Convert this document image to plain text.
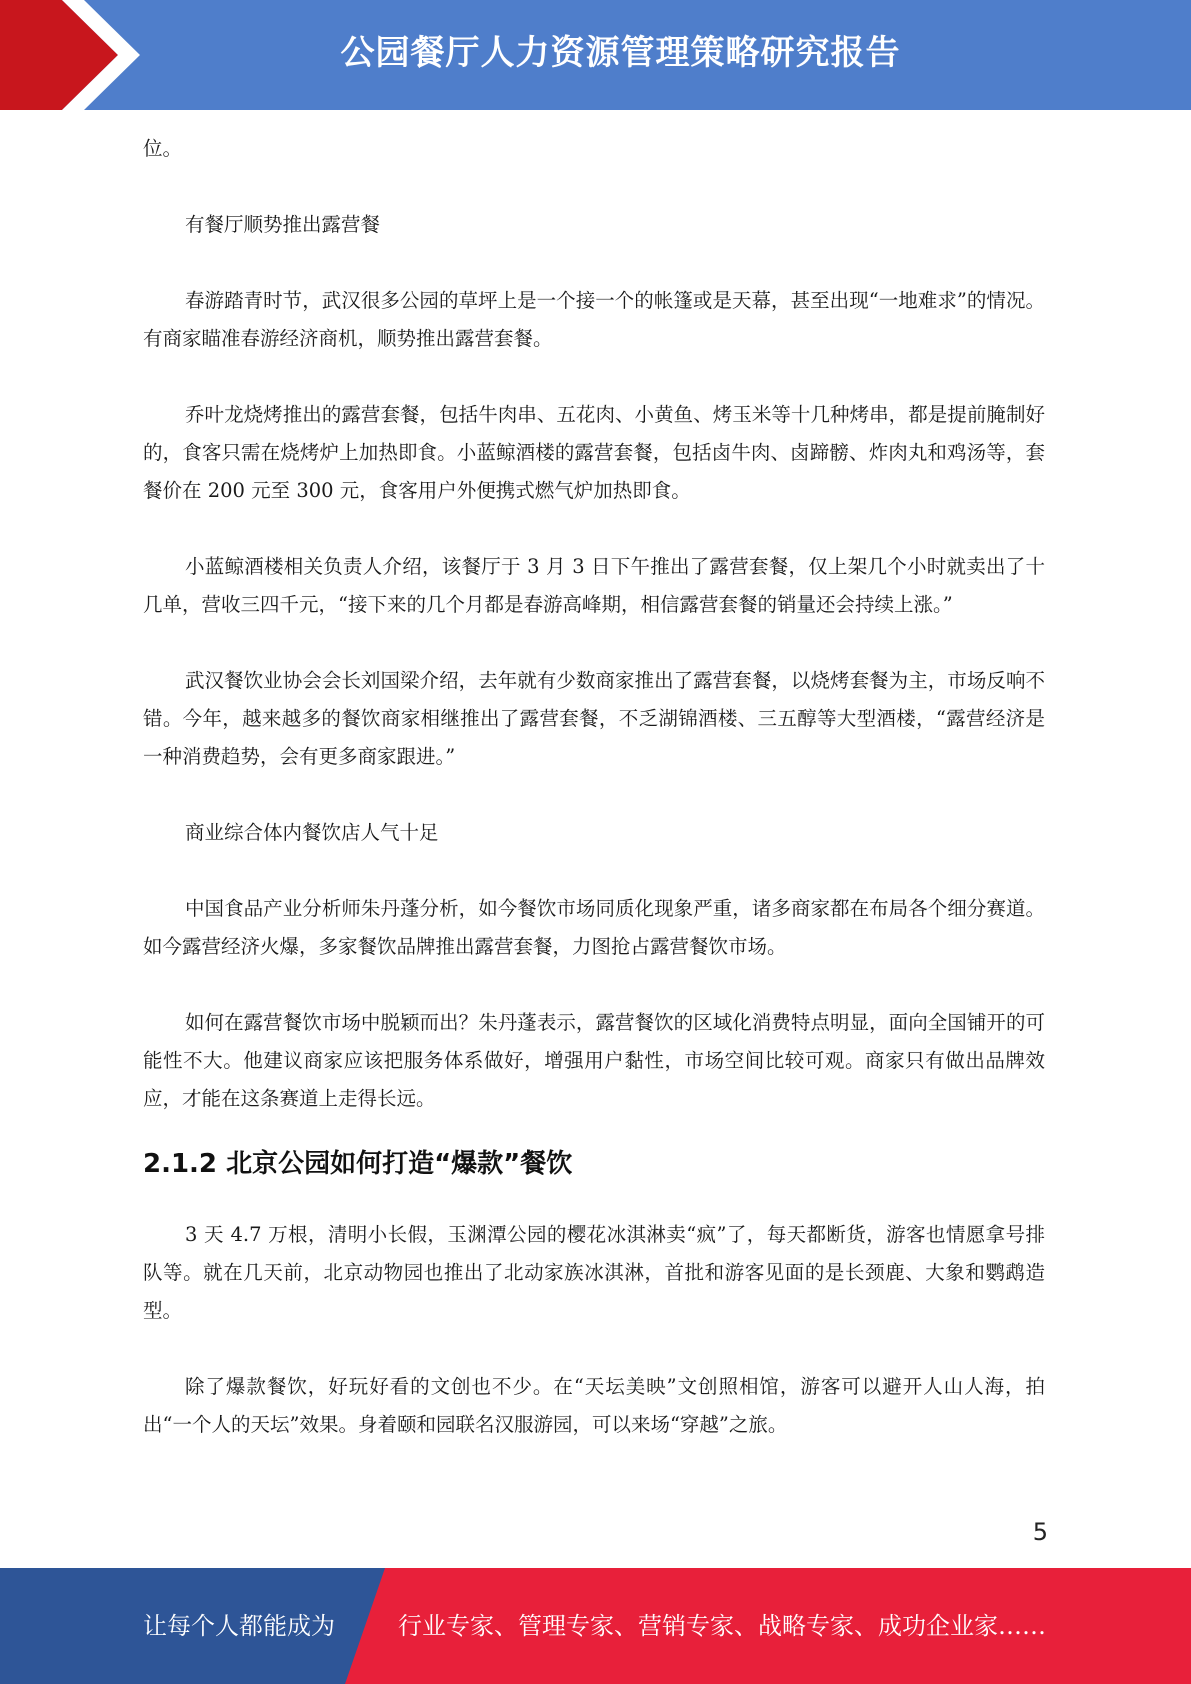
公园餐厅人力资源管理策略研究报告

位。

有餐厅顺势推出露营餐

春游踏青时节，武汉很多公园的草坪上是一个接一个的帐篷或是天幕，甚至出现“一地难求”的情况。有商家瞄准春游经济商机，顺势推出露营套餐。

乔叶龙烧烤推出的露营套餐，包括牛肉串、五花肉、小黄鱼、烤玉米等十几种烤串，都是提前腌制好的，食客只需在烧烤炉上加热即食。小蓝鲸酒楼的露营套餐，包括卤牛肉、卤蹄髈、炸肉丸和鸡汤等，套餐价在 200 元至 300 元，食客用户外便携式燃气炉加热即食。

小蓝鲸酒楼相关负责人介绍，该餐厅于 3 月 3 日下午推出了露营套餐，仅上架几个小时就卖出了十几单，营收三四千元，“接下来的几个月都是春游高峰期，相信露营套餐的销量还会持续上涨。”

武汉餐饮业协会会长刘国梁介绍，去年就有少数商家推出了露营套餐，以烧烤套餐为主，市场反响不错。今年，越来越多的餐饮商家相继推出了露营套餐，不乏湖锦酒楼、三五醇等大型酒楼，“露营经济是一种消费趋势，会有更多商家跟进。”

商业综合体内餐饮店人气十足

中国食品产业分析师朱丹蓬分析，如今餐饮市场同质化现象严重，诸多商家都在布局各个细分赛道。如今露营经济火爆，多家餐饮品牌推出露营套餐，力图抢占露营餐饮市场。

如何在露营餐饮市场中脱颖而出？朱丹蓬表示，露营餐饮的区域化消费特点明显，面向全国铺开的可能性不大。他建议商家应该把服务体系做好，增强用户黏性，市场空间比较可观。商家只有做出品牌效应，才能在这条赛道上走得长远。

2.1.2 北京公园如何打造“爆款”餐饮

3 天 4.7 万根，清明小长假，玉渊潭公园的樱花冰淇淋卖“疯”了，每天都断货，游客也情愿拿号排队等。就在几天前，北京动物园也推出了北动家族冰淇淋，首批和游客见面的是长颈鹿、大象和鹦鹉造型。

除了爆款餐饮，好玩好看的文创也不少。在“天坛美映”文创照相馆，游客可以避开人山人海，拍出“一个人的天坛”效果。身着颐和园联名汉服游园，可以来场“穿越”之旅。

5
让每个人都能成为	行业专家、管理专家、营销专家、战略专家、成功企业家……
